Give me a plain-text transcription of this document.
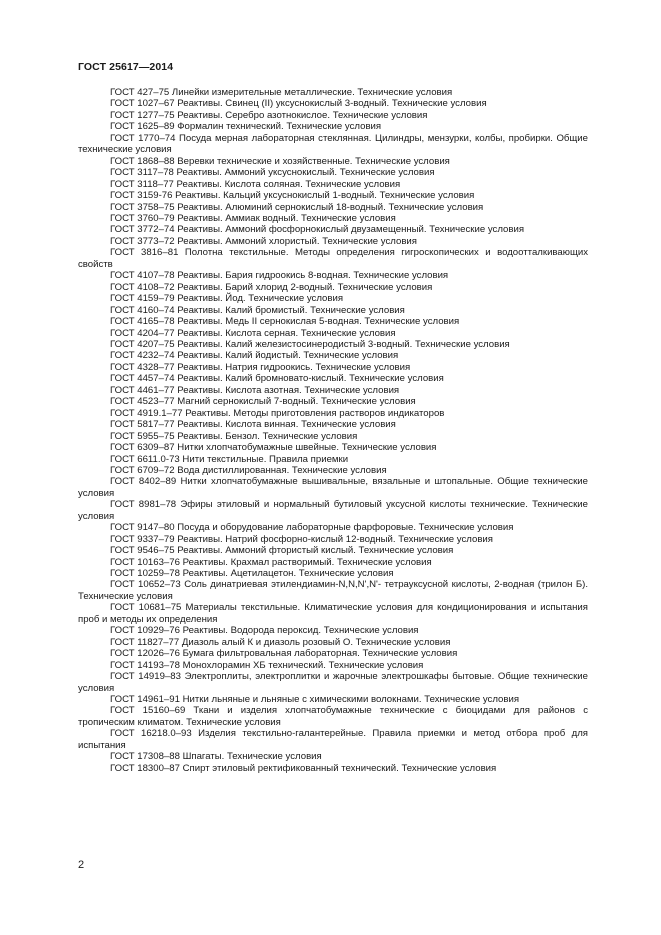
ГОСТ 25617—2014
ГОСТ 427–75 Линейки измерительные металлические. Технические условия
ГОСТ 1027–67 Реактивы. Свинец (II) уксуснокислый 3-водный. Технические условия
ГОСТ 1277–75 Реактивы. Серебро азотнокислое. Технические условия
ГОСТ 1625–89 Формалин технический. Технические условия
ГОСТ 1770–74 Посуда мерная лабораторная стеклянная. Цилиндры, мензурки, колбы, пробирки. Общие технические условия
ГОСТ 1868–88 Веревки технические и хозяйственные. Технические условия
ГОСТ 3117–78 Реактивы. Аммоний уксуснокислый. Технические условия
ГОСТ 3118–77 Реактивы. Кислота соляная. Технические условия
ГОСТ 3159-76 Реактивы. Кальций уксуснокислый 1-водный. Технические условия
ГОСТ 3758–75 Реактивы. Алюминий сернокислый 18-водный. Технические условия
ГОСТ 3760–79 Реактивы. Аммиак водный. Технические условия
ГОСТ 3772–74 Реактивы. Аммоний фосфорнокислый двузамещенный. Технические условия
ГОСТ 3773–72 Реактивы. Аммоний хлористый. Технические условия
ГОСТ 3816–81 Полотна текстильные. Методы определения гигроскопических и водоотталкивающих свойств
ГОСТ 4107–78 Реактивы. Бария гидроокись 8-водная. Технические условия
ГОСТ 4108–72 Реактивы. Барий хлорид 2-водный. Технические условия
ГОСТ 4159–79 Реактивы. Йод. Технические условия
ГОСТ 4160–74 Реактивы. Калий бромистый. Технические условия
ГОСТ 4165–78 Реактивы. Медь II сернокислая 5-водная. Технические условия
ГОСТ 4204–77 Реактивы. Кислота серная. Технические условия
ГОСТ 4207–75 Реактивы. Калий железистосинеродистый 3-водный. Технические условия
ГОСТ 4232–74 Реактивы. Калий йодистый. Технические условия
ГОСТ 4328–77 Реактивы. Натрия гидроокись. Технические условия
ГОСТ 4457–74 Реактивы. Калий бромновато-кислый. Технические условия
ГОСТ 4461–77 Реактивы. Кислота азотная. Технические условия
ГОСТ 4523–77 Магний сернокислый 7-водный. Технические условия
ГОСТ 4919.1–77 Реактивы. Методы приготовления растворов индикаторов
ГОСТ 5817–77 Реактивы. Кислота винная. Технические условия
ГОСТ 5955–75 Реактивы. Бензол. Технические условия
ГОСТ 6309–87 Нитки хлопчатобумажные швейные. Технические условия
ГОСТ 6611.0-73 Нити текстильные. Правила приемки
ГОСТ 6709–72 Вода дистиллированная. Технические условия
ГОСТ 8402–89 Нитки хлопчатобумажные вышивальные, вязальные и штопальные. Общие технические условия
ГОСТ 8981–78 Эфиры этиловый и нормальный бутиловый уксусной кислоты технические. Технические условия
ГОСТ 9147–80 Посуда и оборудование лабораторные фарфоровые. Технические условия
ГОСТ 9337–79 Реактивы. Натрий фосфорно-кислый 12-водный. Технические условия
ГОСТ 9546–75 Реактивы. Аммоний фтористый кислый. Технические условия
ГОСТ 10163–76 Реактивы. Крахмал растворимый. Технические условия
ГОСТ 10259–78 Реактивы. Ацетилацетон. Технические условия
ГОСТ 10652–73 Соль динатриевая этилендиамин-N,N,N',N'- тетрауксусной кислоты, 2-водная (трилон Б). Технические условия
ГОСТ 10681–75 Материалы текстильные. Климатические условия для кондиционирования и испытания проб и методы их определения
ГОСТ 10929–76 Реактивы. Водорода пероксид. Технические условия
ГОСТ 11827–77 Диазоль алый К и диазоль розовый О. Технические условия
ГОСТ 12026–76 Бумага фильтровальная лабораторная. Технические условия
ГОСТ 14193–78 Монохлорамин ХБ технический. Технические условия
ГОСТ 14919–83 Электроплиты, электроплитки и жарочные электрошкафы бытовые. Общие технические условия
ГОСТ 14961–91 Нитки льняные и льняные с химическими волокнами. Технические условия
ГОСТ 15160–69 Ткани и изделия хлопчатобумажные технические с биоцидами для районов с тропическим климатом. Технические условия
ГОСТ 16218.0–93 Изделия текстильно-галантерейные. Правила приемки и метод отбора проб для испытания
ГОСТ 17308–88 Шпагаты. Технические условия
ГОСТ 18300–87 Спирт этиловый ректификованный технический. Технические условия
2
